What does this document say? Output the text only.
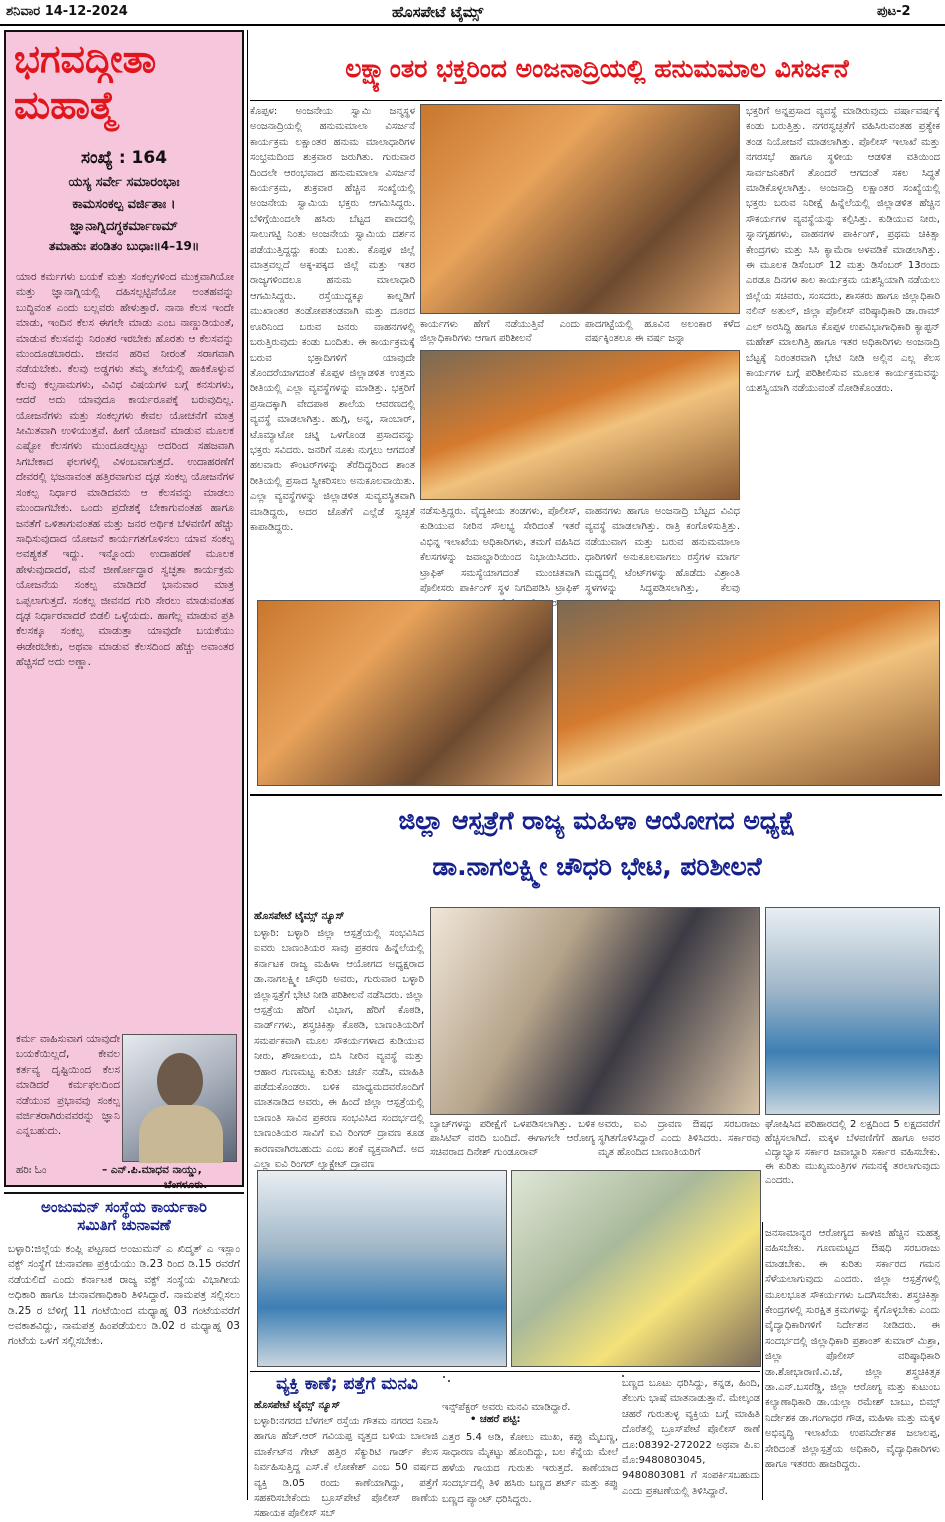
ಶನಿವಾರ 14-12-2024	ಹೊಸಪೇಟೆ ಟೈಮ್ಸ್	ಪುಟ-2
ಭಗವದ್ಗೀತಾ ಮಹಾತ್ಮೆ
ಸಂಖ್ಯೆ : 164
ಯಸ್ಯ ಸರ್ವೇ ಸಮಾರಂಭಾಃ
ಕಾಮಸಂಕಲ್ಪ ವರ್ಜಿತಾಃ ।
ಜ್ಞಾನಾಗ್ನಿದಗ್ಧಕರ್ಮಾಣಮ್
ತಮಾಹುಃ ಪಂಡಿತಂ ಬುಧಾಃ॥4–19॥
ಯಾರ ಕರ್ಮಗಳು ಬಯಕೆ ಮತ್ತು ಸಂಕಲ್ಪಗಳಿಂದ ಮುಕ್ತವಾಗಿಯೋ ಮತ್ತು ಜ್ಞಾನಾಗ್ನಿಯಲ್ಲಿ ದಹಿಸಲ್ಪಟ್ಟಿವೆಯೋ ಅಂತಹವನ್ನು ಬುದ್ಧಿವಂತ ಎಂದು ಬಲ್ಲವರು ಹೇಳುತ್ತಾರೆ. ನಾನಾ ಕೆಲಸ ಇಂದೇ ಮಾಡು, ಇಂದಿನ ಕೆಲಸ ಈಗಲೇ ಮಾಡು ಎಂಬ ನಾಣ್ಣುಡಿಯಂತೆ, ಮಾಡುವ ಕೆಲಸವನ್ನು ನಿರಂತರ ಇರಬೇಕು ಹೊರತು ಆ ಕೆಲಸವನ್ನು ಮುಂದೂಡಬಾರದು. ಜೀವನ ಹರಿವ ನೀರಂತೆ ಸರಾಗವಾಗಿ ನಡೆಯಬೇಕು. ಕೆಲವು ಅಡ್ಡಗಳು ತಮ್ಮ ತಲೆಯಲ್ಲಿ ಹಾಕಿಕೊಳ್ಳುವ ಕೆಲವು ಕಲ್ಪನಾಮಗಳು, ವಿವಿಧ ವಿಷಯಗಳ ಬಗ್ಗೆ ಕನಸುಗಳು, ಆದರೆ ಅದು ಯಾವುದೂ ಕಾರ್ಯರೂಪಕ್ಕೆ ಬರುವುದಿಲ್ಲ. ಯೋಜನೆಗಳು ಮತ್ತು ಸಂಕಲ್ಪಗಳು ಕೇವಲ ಯೋಚನೆಗೆ ಮಾತ್ರ ಸೀಮಿತವಾಗಿ ಉಳಿಯುತ್ತವೆ. ಹೀಗೆ ಯೋಜನೆ ಮಾಡುವ ಮೂಲಕ ಎಷ್ಟೋ ಕೆಲಸಗಳು ಮುಂದೂಡಲ್ಪಟ್ಟು ಅದರಿಂದ ಸಹಜವಾಗಿ ಸಿಗಬೇಕಾದ ಫಲಗಳಲ್ಲಿ ವಿಳಂಬವಾಗುತ್ತದೆ. ಉದಾಹರಣೆಗೆ ದೇವರಲ್ಲಿ ಭಜನಾವಂತ ಹತ್ತಿರವಾಗುವ ದೃಢ ಸಂಕಲ್ಪ ಯೋಜನೆಗಳ ಸಂಕಲ್ಪ ನಿರ್ಧಾರ ಮಾಡಿದವನು ಆ ಕೆಲಸವನ್ನು ಮಾಡಲು ಮುಂದಾಗಬೇಕು. ಒಂದು ಪ್ರದೇಶಕ್ಕೆ ಬೇಕಾಗುವಂತಹ ಹಾಗೂ ಜನತೆಗೆ ಒಳಿತಾಗುವಂತಹ ಮತ್ತು ಜನರ ಅರ್ಥಿಕ ಬೆಳವಣಿಗೆ ಹೆಚ್ಚು ಸಾಧಿಸುವುದಾದ ಯೋಜನೆ ಕಾರ್ಯಗತಗೊಳಿಸಲು ಯಾವ ಸಂಕಲ್ಪ ಅವಶ್ಯಕತೆ ಇದ್ದು. ಇನ್ನೊಂದು ಉದಾಹರಣೆ ಮೂಲಕ ಹೇಳುವುದಾದರೆ, ಮನೆ ಜೀರ್ಣೋದ್ಧಾರ ಸ್ವಚ್ಛತಾ ಕಾರ್ಯಕ್ರಮ ಯೋಜನೆಯ ಸಂಕಲ್ಪ ಮಾಡಿದರೆ ಭಾನುವಾರ ಮಾತ್ರ ಒಪ್ಪಲಾಗುತ್ತದೆ. ಸಂಕಲ್ಪ ಜೀವನದ ಗುರಿ ಸೇರಲು ಮಾಡುವಂತಹ ದೃಢ ನಿರ್ಧಾರವಾದರೆ ಬಿಡಲಿ ಒಳ್ಳೆಯದು. ಹಾಗೆಲ್ಲ ಮಾಡುವ ಪ್ರತಿ ಕೆಲಸಕ್ಕೂ ಸಂಕಲ್ಪ ಮಾಡುತ್ತಾ ಯಾವುದೇ ಬಯಕೆಯು ಈಡೇರಬೇಕು, ಅಥವಾ ಮಾಡುವ ಕೆಲಸದಿಂದ ಹೆಚ್ಚು ಅವಾಂತರ ಹೆಚ್ಚಿಸದೆ ಅದು ಅಣ್ಣಾ.
ಕರ್ಮ ವಾಹಿಸುವಾಗ ಯಾವುದೇ ಬಯಕೆಯಿಲ್ಲದೆ, ಕೇವಲ ಕರ್ತವ್ಯ ದೃಷ್ಟಿಯಿಂದ ಕೆಲಸ ಮಾಡಿದರೆ ಕರ್ಮಫಲದಿಂದ ನಡೆಯುವ ಪ್ರಭಾವವು ಸಂಕಲ್ಪ ವರ್ಜಿತರಾಗಿರುವವರನ್ನು ಜ್ಞಾನಿ ಎನ್ನಬಹುದು.
ಹರಿಃ ಓಂ	– ಎನ್.ಪಿ.ಮಾಧವ ನಾಯ್ಡು,
ಬೆಂಗಳೂರು.
ಅಂಜುಮನ್ ಸಂಸ್ಥೆಯ ಕಾರ್ಯಕಾರಿ
ಸಮಿತಿಗೆ ಚುನಾವಣೆ
ಬಳ್ಳಾರಿ:ಜಿಲ್ಲೆಯ ಕಂಪ್ಲಿ ಪಟ್ಟಣದ ಅಂಜುಮನ್ ಎ ಖಿದ್ಮತ್ ಎ ಇಸ್ಲಾಂ ವಕ್ಫ್ ಸಂಸ್ಥೆಗೆ ಚುನಾವಣಾ ಪ್ರಕ್ರಿಯೆಯು ಡಿ.23 ರಿಂದ ಡಿ.15 ರವರೆಗೆ ನಡೆಯಲಿದೆ ಎಂದು ಕರ್ನಾಟಕ ರಾಜ್ಯ ವಕ್ಫ್ ಸಂಸ್ಥೆಯ ವಿಭಾಗೀಯ ಅಧಿಕಾರಿ ಹಾಗೂ ಚುನಾವಣಾಧಿಕಾರಿ ತಿಳಿಸಿದ್ದಾರೆ. ನಾಮಪತ್ರ ಸಲ್ಲಿಸಲು ಡಿ.25 ರ ಬೆಳಿಗ್ಗೆ 11 ಗಂಟೆಯಿಂದ ಮಧ್ಯಾಹ್ನ 03 ಗಂಟೆಯವರೆಗೆ ಅವಕಾಶವಿದ್ದು, ನಾಮಪತ್ರ ಹಿಂಪಡೆಯಲು ಡಿ.02 ರ ಮಧ್ಯಾಹ್ನ 03 ಗಂಟೆಯ ಒಳಗೆ ಸಲ್ಲಿಸಬೇಕು.
ಲಕ್ಷ್ಯಾಂತರ ಭಕ್ತರಿಂದ ಅಂಜನಾದ್ರಿಯಲ್ಲಿ ಹನುಮಮಾಲ ವಿಸರ್ಜನೆ
ಕೊಪ್ಪಳ: ಅಂಜನೇಯ ಸ್ವಾಮಿ ಜನ್ಮಸ್ಥಳ ಅಂಜನಾದ್ರಿಯಲ್ಲಿ ಹನುಮಮಾಲಾ ವಿಸರ್ಜನೆ ಕಾರ್ಯಕ್ರಮ ಲಕ್ಷಾಂತರ ಹನುಮ ಮಾಲಾಧಾರಿಗಳ ಸಂಭ್ರಮದಿಂದ ಶುಕ್ರವಾರ ಜರುಗಿತು. ಗುರುವಾರ ದಿಂದಲೇ ಆರಂಭವಾದ ಹನುಮಮಾಲಾ ವಿಸರ್ಜನೆ ಕಾರ್ಯಕ್ರಮ, ಶುಕ್ರವಾರ ಹೆಚ್ಚಿನ ಸಂಖ್ಯೆಯಲ್ಲಿ ಅಂಜನೇಯ ಸ್ವಾಮಿಯ ಭಕ್ತರು ಆಗಮಿಸಿದ್ದರು. ಬೆಳಿಗ್ಗೆಯಿಂದಲೇ ಹಸಿರು ಬೆಟ್ಟದ ಪಾದದಲ್ಲಿ ಸಾಲುಗಟ್ಟಿ ನಿಂತು ಅಂಜನೇಯ ಸ್ವಾಮಿಯ ದರ್ಶನ ಪಡೆಯುತ್ತಿದ್ದದ್ದು ಕಂಡು ಬಂತು. ಕೊಪ್ಪಳ ಜಿಲ್ಲೆ ಮಾತ್ರವಲ್ಲದೆ ಅಕ್ಕ-ಪಕ್ಕದ ಜಿಲ್ಲೆ ಮತ್ತು ಇತರ ರಾಜ್ಯಗಳಿಂದಲೂ ಹನುಮ ಮಾಲಾಧಾರಿ ಆಗಮಿಸಿದ್ದರು. ರಸ್ತೆಯುದ್ದಕ್ಕೂ ಕಾಲ್ನಡಿಗೆ ಮುಖಾಂತರ ತಂಡೋಪತಂಡವಾಗಿ ಮತ್ತು ದೂರದ ಊರಿನಿಂದ ಬರುವ ಜನರು ವಾಹನಗಳಲ್ಲಿ ಬರುತ್ತಿರುವುದು ಕಂಡು ಬಂದಿತು. ಈ ಕಾರ್ಯಕ್ರಮಕ್ಕೆ ಬರುವ ಭಕ್ತಾದಿಗಳಿಗೆ ಯಾವುದೇ ತೊಂದರೆಯಾಗದಂತೆ ಕೊಪ್ಪಳ ಜಿಲ್ಲಾಡಳಿತ ಉತ್ತಮ ರೀತಿಯಲ್ಲಿ ಎಲ್ಲಾ ವ್ಯವಸ್ಥೆಗಳನ್ನು ಮಾಡಿತ್ತು. ಭಕ್ತರಿಗೆ ಪ್ರಸಾದಕ್ಕಾಗಿ ವೇದಪಾಠ ಶಾಲೆಯ ಆವರಣದಲ್ಲಿ ವ್ಯವಸ್ಥೆ ಮಾಡಲಾಗಿತ್ತು. ಹುಗ್ಗಿ, ಅನ್ನ, ಸಾಂಬಾರ್, ಟೊಮ್ಯಾಟೋ ಚಟ್ನಿ ಒಳಗೊಂಡ ಪ್ರಸಾದವನ್ನು ಭಕ್ತರು ಸವಿದರು. ಜನರಿಗೆ ನೂಕು ನುಗ್ಗಲು ಆಗದಂತೆ ಹಲವಾರು ಕೌಂಟರ್‌ಗಳನ್ನು ತೆರೆದಿದ್ದರಿಂದ ಶಾಂತ ರೀತಿಯಲ್ಲಿ ಪ್ರಸಾದ ಸ್ವೀಕರಿಸಲು ಅನುಕೂಲವಾಯಿತು. ಎಲ್ಲಾ ವ್ಯವಸ್ಥೆಗಳನ್ನು ಜಿಲ್ಲಾಡಳಿತ ಸುವ್ಯವಸ್ಥಿತವಾಗಿ ಮಾಡಿದ್ದರು, ಅದರ ಜೊತೆಗೆ ಎಲ್ಲೆಡೆ ಸ್ವಚ್ಛತೆ ಕಾಪಾಡಿದ್ದರು.
ಕಾರ್ಯಗಳು ಹೇಗೆ ನಡೆಯುತ್ತಿವೆ ಎಂದು ಜಿಲ್ಲಾಧಿಕಾರಿಗಳು ಆಗಾಗ ಪರಿಶೀಲನೆ
ಪಾದಗಟ್ಟೆಯಲ್ಲಿ ಹೂವಿನ ಅಲಂಕಾರ ಕಳೆದ ವರ್ಷಕ್ಕಿಂತಲೂ ಈ ವರ್ಷ ಜನ್ನಾ
ನಡೆಸುತ್ತಿದ್ದರು. ವೈದ್ಯಕೀಯ ತಂಡಗಳು, ಪೊಲೀಸ್, ಕುಡಿಯುವ ನೀರಿನ ಸೌಲಭ್ಯ ಸೇರಿದಂತೆ ಇತರೆ ವಿಭಿನ್ನ ಇಲಾಖೆಯ ಅಧಿಕಾರಿಗಳು, ತಮಗೆ ವಹಿಸಿದ ಕೆಲಸಗಳನ್ನು ಜವಾಬ್ದಾರಿಯಿಂದ ನಿಭಾಯಿಸಿದರು. ಟ್ರಾಫಿಕ್ ಸಮಸ್ಯೆಯಾಗದಂತೆ ಮುಂಚಿತವಾಗಿ ಪೊಲೀಸರು ಪಾರ್ಕಿಂಗ್ ಸ್ಥಳ ನಿಗದಿಪಡಿಸಿ ಟ್ರಾಫಿಕ್
ವಾಹನಗಳು ಹಾಗೂ ಅಂಜನಾದ್ರಿ ಬೆಟ್ಟದ ವಿವಿಧ ವ್ಯವಸ್ಥೆ ಮಾಡಲಾಗಿತ್ತು. ರಾತ್ರಿ ಕಂಗೊಳಿಸುತ್ತಿತ್ತು. ನಡೆಯುವಾಗ ಮತ್ತು ಬರುವ ಹನುಮಮಾಲಾ ಧಾರಿಗಳಿಗೆ ಅನುಕೂಲವಾಗಲು ರಸ್ತೆಗಳ ಮಾರ್ಗ ಮಧ್ಯದಲ್ಲಿ ಟೆಂಟ್‌ಗಳನ್ನು ಹೊಡೆದು ವಿಶ್ರಾಂತಿ ಸ್ಥಳಗಳನ್ನು ಸಿದ್ಧಪಡಿಸಲಾಗಿತ್ತು, ಕೆಲವು
ಭಕ್ತರಿಗೆ ಅನ್ನಪ್ರಸಾದ ವ್ಯವಸ್ಥೆ ಮಾಡಿರುವುದು ವರ್ಷಾವರ್ಷಕ್ಕೆ ಕಂಡು ಬರುತ್ತಿತ್ತು. ನಗರಸ್ವಚ್ಛತೆಗೆ ವಹಿಸಿರುವಂತಹ ಪ್ರತ್ಯೇಕ ತಂಡ ನಿಯೋಜನೆ ಮಾಡಲಾಗಿತ್ತು. ಪೊಲೀಸ್ ಇಲಾಖೆ ಮತ್ತು ನಗರಸಭೆ ಹಾಗೂ ಸ್ಥಳೀಯ ಆಡಳಿತ ವತಿಯಿಂದ ಸಾರ್ವಜನಿಕರಿಗೆ ತೊಂದರೆ ಆಗದಂತೆ ಸಕಲ ಸಿದ್ಧತೆ ಮಾಡಿಕೊಳ್ಳಲಾಗಿತ್ತು. ಅಂಜನಾದ್ರಿ ಲಕ್ಷಾಂತರ ಸಂಖ್ಯೆಯಲ್ಲಿ ಭಕ್ತರು ಬರುವ ನಿರೀಕ್ಷೆ ಹಿನ್ನೆಲೆಯಲ್ಲಿ ಜಿಲ್ಲಾಡಳಿತ ಹೆಚ್ಚಿನ ಸೌಕರ್ಯಗಳ ವ್ಯವಸ್ಥೆಯನ್ನು ಕಲ್ಪಿಸಿತ್ತು. ಕುಡಿಯುವ ನೀರು, ಸ್ನಾನಗೃಹಗಳು, ವಾಹನಗಳ ಪಾರ್ಕಿಂಗ್, ಪ್ರಥಮ ಚಿಕಿತ್ಸಾ ಕೇಂದ್ರಗಳು ಮತ್ತು ಸಿಸಿ ಕ್ಯಾಮೆರಾ ಅಳವಡಿಕೆ ಮಾಡಲಾಗಿತ್ತು. ಈ ಮೂಲಕ ಡಿಸೆಂಬರ್ 12 ಮತ್ತು ಡಿಸೆಂಬರ್ 13ರಂದು ಎರಡೂ ದಿನಗಳ ಕಾಲ ಕಾರ್ಯಕ್ರಮ ಯಶಸ್ವಿಯಾಗಿ ನಡೆಯಲು ಜಿಲ್ಲೆಯ ಸಚಿವರು, ಸಂಸದರು, ಶಾಸಕರು ಹಾಗೂ ಜಿಲ್ಲಾಧಿಕಾರಿ ನಲಿನ್ ಅತುಲ್, ಜಿಲ್ಲಾ ಪೊಲೀಸ್ ವರಿಷ್ಠಾಧಿಕಾರಿ ಡಾ.ರಾಮ್ ಎಲ್ ಅರಸಿದ್ದಿ ಹಾಗೂ ಕೊಪ್ಪಳ ಉಪವಿಭಾಗಾಧಿಕಾರಿ ಕ್ಯಾಪ್ಟನ್ ಮಹೇಶ್ ಮಾಲಗಿತ್ತಿ ಹಾಗೂ ಇತರ ಅಧಿಕಾರಿಗಳು ಅಂಜನಾದ್ರಿ ಬೆಟ್ಟಕ್ಕೆ ನಿರಂತರವಾಗಿ ಭೇಟಿ ನೀಡಿ ಅಲ್ಲಿನ ಎಲ್ಲ ಕೆಲಸ ಕಾರ್ಯಗಳ ಬಗ್ಗೆ ಪರಿಶೀಲಿಸುವ ಮೂಲಕ ಕಾರ್ಯಕ್ರಮವನ್ನು ಯಶಸ್ವಿಯಾಗಿ ನಡೆಯುವಂತೆ ನೋಡಿಕೊಂಡರು.
ಜಿಲ್ಲಾ ಆಸ್ಪತ್ರೆಗೆ ರಾಜ್ಯ ಮಹಿಳಾ ಆಯೋಗದ ಅಧ್ಯಕ್ಷೆ
ಡಾ.ನಾಗಲಕ್ಷ್ಮೀ ಚೌಧರಿ ಭೇಟಿ, ಪರಿಶೀಲನೆ
ಹೊಸಪೇಟೆ ಟೈಮ್ಸ್ ನ್ಯೂಸ್
ಬಳ್ಳಾರಿ: ಬಳ್ಳಾರಿ ಜಿಲ್ಲಾ ಆಸ್ಪತ್ರೆಯಲ್ಲಿ ಸಂಭವಿಸಿದ ಐವರು ಬಾಣಂತಿಯರ ಸಾವು ಪ್ರಕರಣ ಹಿನ್ನೆಲೆಯಲ್ಲಿ ಕರ್ನಾಟಕ ರಾಜ್ಯ ಮಹಿಳಾ ಆಯೋಗದ ಅಧ್ಯಕ್ಷರಾದ ಡಾ.ನಾಗಲಕ್ಷ್ಮೀ ಚೌಧರಿ ಅವರು, ಗುರುವಾರ ಬಳ್ಳಾರಿ ಜಿಲ್ಲಾಸ್ಪತ್ರೆಗೆ ಭೇಟಿ ನೀಡಿ ಪರಿಶೀಲನೆ ನಡೆಸಿದರು. ಜಿಲ್ಲಾ ಆಸ್ಪತ್ರೆಯ ಹೆರಿಗೆ ವಿಭಾಗ, ಹೆರಿಗೆ ಕೊಠಡಿ, ವಾರ್ಡ್‌ಗಳು, ಶಸ್ತ್ರಚಿಕಿತ್ಸಾ ಕೊಠಡಿ, ಬಾಣಂತಿಯರಿಗೆ ಸಮರ್ಪಕವಾಗಿ ಮೂಲ ಸೌಕರ್ಯಗಳಾದ ಕುಡಿಯುವ ನೀರು, ಶೌಚಾಲಯ, ಬಿಸಿ ನೀರಿನ ವ್ಯವಸ್ಥೆ ಮತ್ತು ಆಹಾರ ಗುಣಮಟ್ಟ ಕುರಿತು ಚರ್ಚೆ ನಡೆಸಿ, ಮಾಹಿತಿ ಪಡೆದುಕೊಂಡರು. ಬಳಿಕ ಮಾಧ್ಯಮದವರೊಂದಿಗೆ ಮಾತನಾಡಿದ ಅವರು, ಈ ಹಿಂದೆ ಜಿಲ್ಲಾ ಆಸ್ಪತ್ರೆಯಲ್ಲಿ ಬಾಣಂತಿ ಸಾವಿನ ಪ್ರಕರಣ ಸಂಭವಿಸಿದ ಸಂದರ್ಭದಲ್ಲಿ ಬಾಣಂತಿಯರ ಸಾವಿಗೆ ಐವಿ ರಿಂಗರ್ ದ್ರಾವಣ ಕೂಡ ಕಾರಣವಾಗಿರಬಹುದು ಎಂಬ ಶಂಕೆ ವ್ಯಕ್ತವಾಗಿದೆ. ಅದ ಎಲ್ಲಾ ಐವಿ ರಿಂಗರ್ ಲ್ಯಾಕ್ಟೇಟ್ ದ್ರಾವಣ
ಬ್ಯಾಚ್‌ಗಳನ್ನು ಪರೀಕ್ಷೆಗೆ ಒಳಪಡಿಸಲಾಗಿತ್ತು. ಬಳಿಕ ಪಾಸಿಟಿವ್ ವರದಿ ಬಂದಿದೆ. ಈಗಾಗಲೇ ಆರೋಗ್ಯ ಸಚಿವರಾದ ದಿನೇಶ್ ಗುಂಡೂರಾವ್
ಅವರು, ಐವಿ ದ್ರಾವಣ ಔಷಧ ಸರಬರಾಜು ಸ್ಥಗಿತಗೊಳಿಸಿದ್ದಾರೆ ಎಂದು ತಿಳಿಸಿದರು. ಸರ್ಕಾರವು ಮೃತ ಹೊಂದಿದ ಬಾಣಂತಿಯರಿಗೆ
ಘೋಷಿಸಿದ ಪರಿಹಾರದಲ್ಲಿ 2 ಲಕ್ಷದಿಂದ 5 ಲಕ್ಷದವರೆಗೆ ಹೆಚ್ಚಿಸಲಾಗಿದೆ. ಮಕ್ಕಳ ಬೆಳವಣಿಗೆಗೆ ಹಾಗೂ ಅವರ ವಿದ್ಯಾಭ್ಯಾಸ ಸರ್ಕಾರ ಜವಾಬ್ದಾರಿ ಸರ್ಕಾರ ವಹಿಸಬೇಕು. ಈ ಕುರಿತು ಮುಖ್ಯಮಂತ್ರಿಗಳ ಗಮನಕ್ಕೆ ತರಲಾಗುವುದು ಎಂದರು.
ಜನಸಾಮಾನ್ಯರ ಆರೋಗ್ಯದ ಕಾಳಜಿ ಹೆಚ್ಚಿನ ಮಹತ್ವ ವಹಿಸಬೇಕು. ಗೂಣಮಟ್ಟದ ಔಷಧಿ ಸರಬರಾಜು ಮಾಡಬೇಕು. ಈ ಕುರಿತು ಸರ್ಕಾರದ ಗಮನ ಸೆಳೆಯಲಾಗುವುದು ಎಂದರು. ಜಿಲ್ಲಾ ಆಸ್ಪತ್ರೆಗಳಲ್ಲಿ ಮೂಲಭೂತ ಸೌಕರ್ಯಗಳು ಒದಗಿಸಬೇಕು. ಶಸ್ತ್ರಚಿಕಿತ್ಸಾ ಕೇಂದ್ರಗಳಲ್ಲಿ ಸುರಕ್ಷಿತ ಕ್ರಮಗಳನ್ನು ಕೈಗೊಳ್ಳಬೇಕು ಎಂದು ವೈದ್ಯಾಧಿಕಾರಿಗಳಿಗೆ ನಿರ್ದೇಶನ ನೀಡಿದರು. ಈ ಸಂದರ್ಭದಲ್ಲಿ ಜಿಲ್ಲಾಧಿಕಾರಿ ಪ್ರಶಾಂತ್ ಕುಮಾರ್ ಮಿಶ್ರಾ, ಜಿಲ್ಲಾ ಪೊಲೀಸ್ ವರಿಷ್ಠಾಧಿಕಾರಿ ಡಾ.ಶೋಭಾರಾಣಿ.ವಿ.ಜೆ, ಜಿಲ್ಲಾ ಶಸ್ತ್ರಚಿಕಿತ್ಸಕ ಡಾ.ಎನ್.ಬಸರೆಡ್ಡಿ, ಜಿಲ್ಲಾ ಆರೋಗ್ಯ ಮತ್ತು ಕುಟುಂಬ ಕಲ್ಯಾಣಾಧಿಕಾರಿ ಡಾ.ಯಲ್ಲಾ ರಮೇಶ್ ಬಾಬು, ಬಿಮ್ಸ್ ನಿರ್ದೇಶಕ ಡಾ.ಗಂಗಾಧರ ಗೌಡ, ಮಹಿಳಾ ಮತ್ತು ಮಕ್ಕಳ ಅಭಿವೃದ್ಧಿ ಇಲಾಖೆಯ ಉಪನಿರ್ದೇಶಕ ಜಲಾಲಪ್ಪ, ಸೇರಿದಂತೆ ಜಿಲ್ಲಾಸ್ಪತ್ರೆಯ ಅಧಿಕಾರಿ, ವೈದ್ಯಾಧಿಕಾರಿಗಳು ಹಾಗೂ ಇತರರು ಹಾಜರಿದ್ದರು.
ವ್ಯಕ್ತಿ ಕಾಣೆ; ಪತ್ತೆಗೆ ಮನವಿ
ಹೊಸಪೇಟೆ ಟೈಮ್ಸ್ ನ್ಯೂಸ್
ಬಳ್ಳಾರಿ:ನಗರದ ಬೆಳಗಲ್ ರಸ್ತೆಯ ಗೌತಮ ನಗರದ ನಿವಾಸಿ ಹಾಗೂ ಹೆಚ್.ಆರ್ ಗವಿಯಪ್ಪ ವೃತ್ತದ ಬಳಿಯ ಬಾಲಾಜಿ ಮಾರ್ಕೆಟ್‌ನ ಗೇಟ್ ಹತ್ತಿರ ಸೆಕ್ಯುರಿಟಿ ಗಾರ್ಡ್ ಕೆಲಸ ನಿರ್ವಹಿಸುತ್ತಿದ್ದ ಎಸ್.ಕೆ ಲೋಕೇಶ್ ಎಂಬ 50 ವರ್ಷದ ವ್ಯಕ್ತಿ ಡಿ.05 ರಂದು ಕಾಣೆಯಾಗಿದ್ದು, ಪತ್ತೆಗೆ ಸಹಕರಿಸಬೇಕೆಂದು ಬ್ರೂಸ್‌ಪೇಟೆ ಪೊಲೀಸ್ ಠಾಣೆಯ ಸಹಾಯಕ ಪೊಲೀಸ್ ಸಬ್
ಇನ್ಸ್‌ಪೆಕ್ಟರ್ ಅವರು ಮನವಿ ಮಾಡಿದ್ದಾರೆ.
• ಚಹರೆ ಪಟ್ಟಿ:
ಎತ್ತರ 5.4 ಅಡಿ, ಕೋಲು ಮುಖ, ಕಪ್ಪು ಮೈಬಣ್ಣ, ಸಾಧಾರಣ ಮೈಕಟ್ಟು ಹೊಂದಿದ್ದು, ಬಲ ಕೆನ್ನೆಯ ಮೇಲೆ ಹಳೆಯ ಗಾಯದ ಗುರುತು ಇರುತ್ತದೆ. ಕಾಣೆಯಾದ ಸಂದರ್ಭದಲ್ಲಿ ತಿಳಿ ಹಸಿರು ಬಣ್ಣದ ಶರ್ಟ್ ಮತ್ತು ಕಪ್ಪು ಬಣ್ಣದ ಪ್ಯಾಂಟ್ ಧರಿಸಿದ್ದರು.
ಬಣ್ಣದ ಬೂಟು ಧರಿಸಿದ್ದು, ಕನ್ನಡ, ಹಿಂದಿ, ತೆಲುಗು ಭಾಷೆ ಮಾತನಾಡುತ್ತಾನೆ. ಮೇಲ್ಕಂಡ ಚಹರೆ ಗುರುತುಳ್ಳ ವ್ಯಕ್ತಿಯ ಬಗ್ಗೆ ಮಾಹಿತಿ ದೊರೆತಲ್ಲಿ ಬ್ರೂಸ್‌ಪೇಟೆ ಪೊಲೀಸ್ ಠಾಣೆ ದೂ:08392-272022 ಅಥವಾ ಪಿ.ಐ ಮೊ:9480803045, 9480803081 ಗೆ ಸಂಪರ್ಕಿಸಬಹುದು ಎಂದು ಪ್ರಕಟಣೆಯಲ್ಲಿ ತಿಳಿಸಿದ್ದಾರೆ.
